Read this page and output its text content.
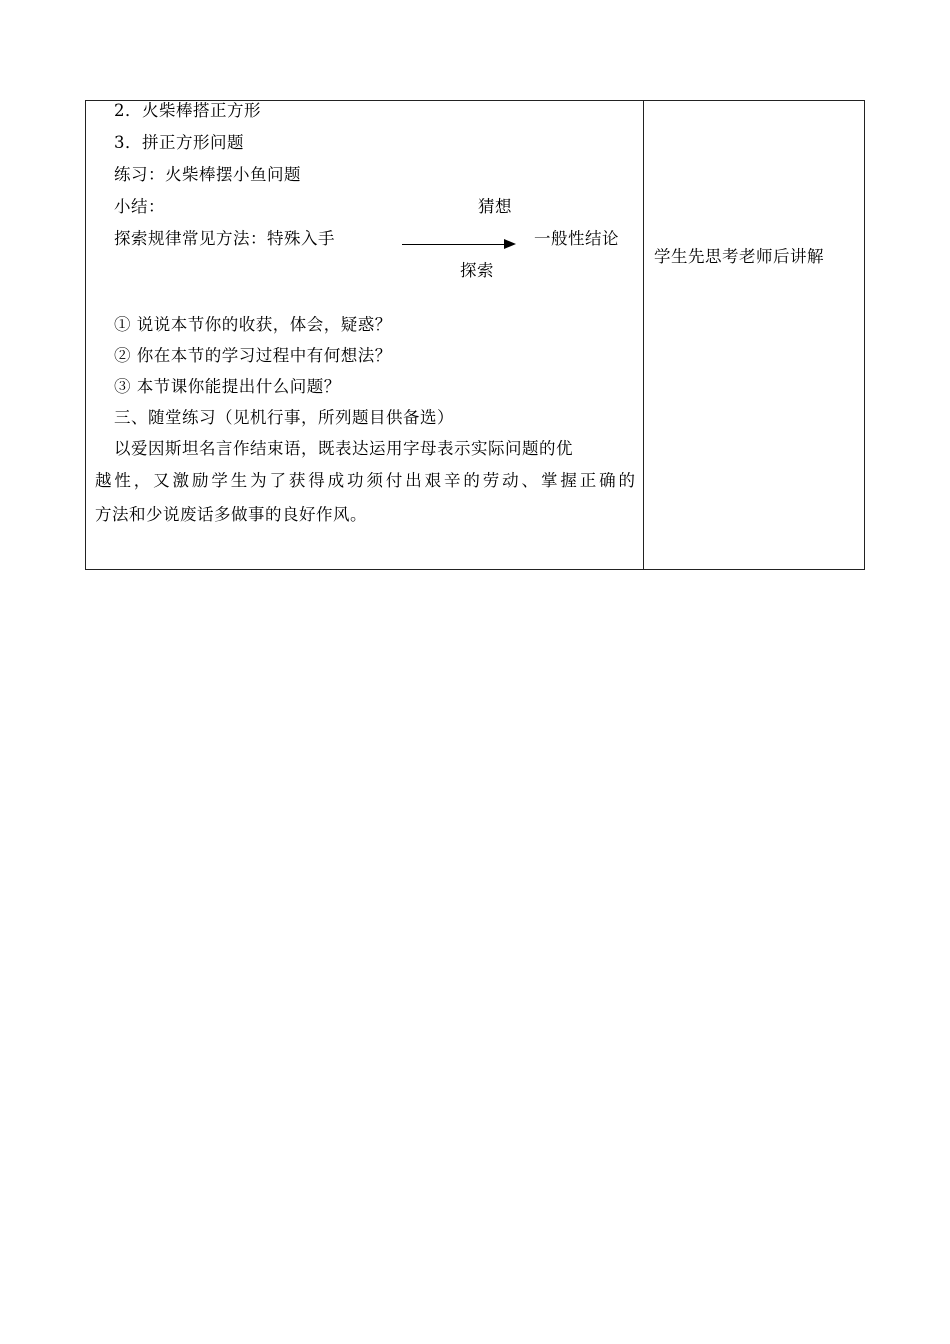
2．火柴棒搭正方形
3．拼正方形问题
练习：火柴棒摆小鱼问题
小结：	猜想
探索规律常见方法：特殊入手	一般性结论
探索
① 说说本节你的收获，体会，疑惑？
② 你在本节的学习过程中有何想法？
③ 本节课你能提出什么问题？
三、随堂练习（见机行事，所列题目供备选）
以爱因斯坦名言作结束语，既表达运用字母表示实际问题的优
越性，又激励学生为了获得成功须付出艰辛的劳动、掌握正确的
方法和少说废话多做事的良好作风。
学生先思考老师后讲解
